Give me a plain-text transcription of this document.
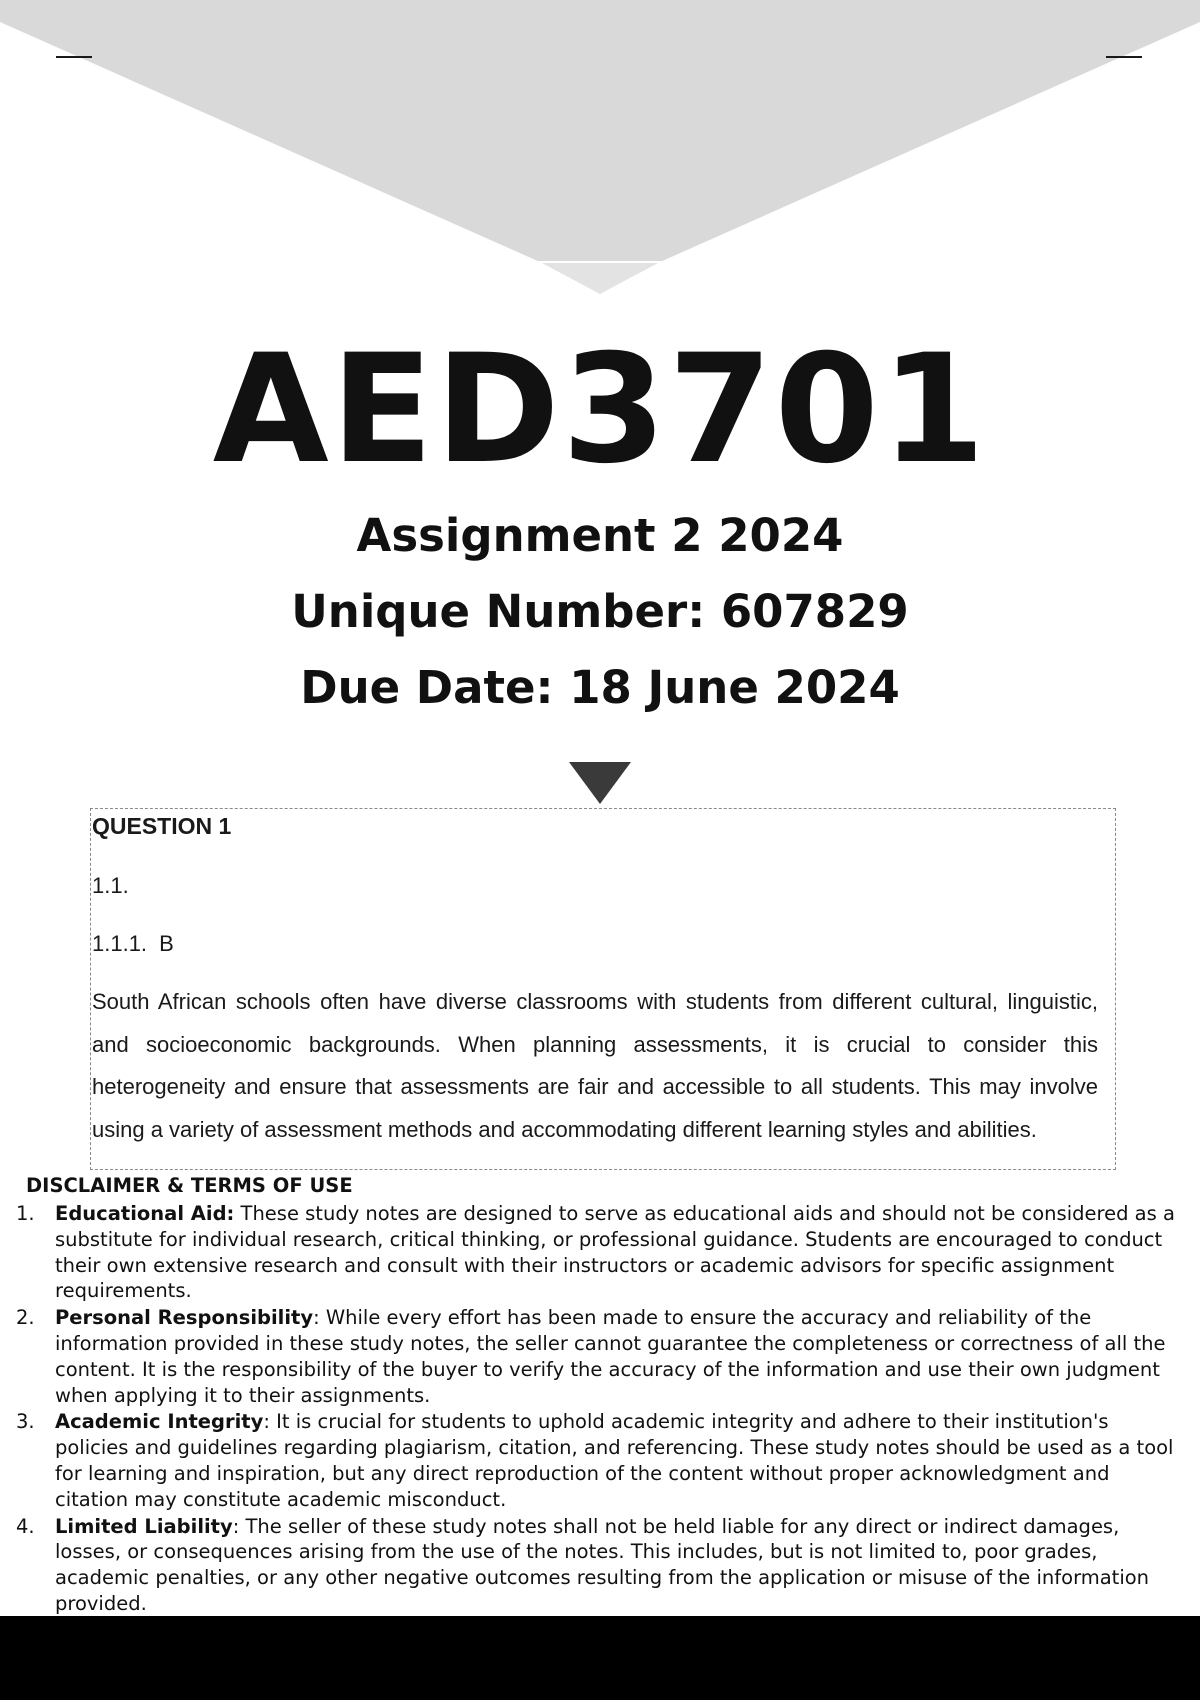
AED3701
Assignment 2 2024
Unique Number: 607829
Due Date: 18 June 2024
QUESTION 1
1.1.
1.1.1. B

South African schools often have diverse classrooms with students from different cultural, linguistic, and socioeconomic backgrounds. When planning assessments, it is crucial to consider this heterogeneity and ensure that assessments are fair and accessible to all students. This may involve using a variety of assessment methods and accommodating different learning styles and abilities.

DISCLAIMER & TERMS OF USE
1. Educational Aid: These study notes are designed to serve as educational aids and should not be considered as a substitute for individual research, critical thinking, or professional guidance. Students are encouraged to conduct their own extensive research and consult with their instructors or academic advisors for specific assignment requirements.
2. Personal Responsibility: While every effort has been made to ensure the accuracy and reliability of the information provided in these study notes, the seller cannot guarantee the completeness or correctness of all the content. It is the responsibility of the buyer to verify the accuracy of the information and use their own judgment when applying it to their assignments.
3. Academic Integrity: It is crucial for students to uphold academic integrity and adhere to their institution's policies and guidelines regarding plagiarism, citation, and referencing. These study notes should be used as a tool for learning and inspiration, but any direct reproduction of the content without proper acknowledgment and citation may constitute academic misconduct.
4. Limited Liability: The seller of these study notes shall not be held liable for any direct or indirect damages, losses, or consequences arising from the use of the notes. This includes, but is not limited to, poor grades, academic penalties, or any other negative outcomes resulting from the application or misuse of the information provided.
